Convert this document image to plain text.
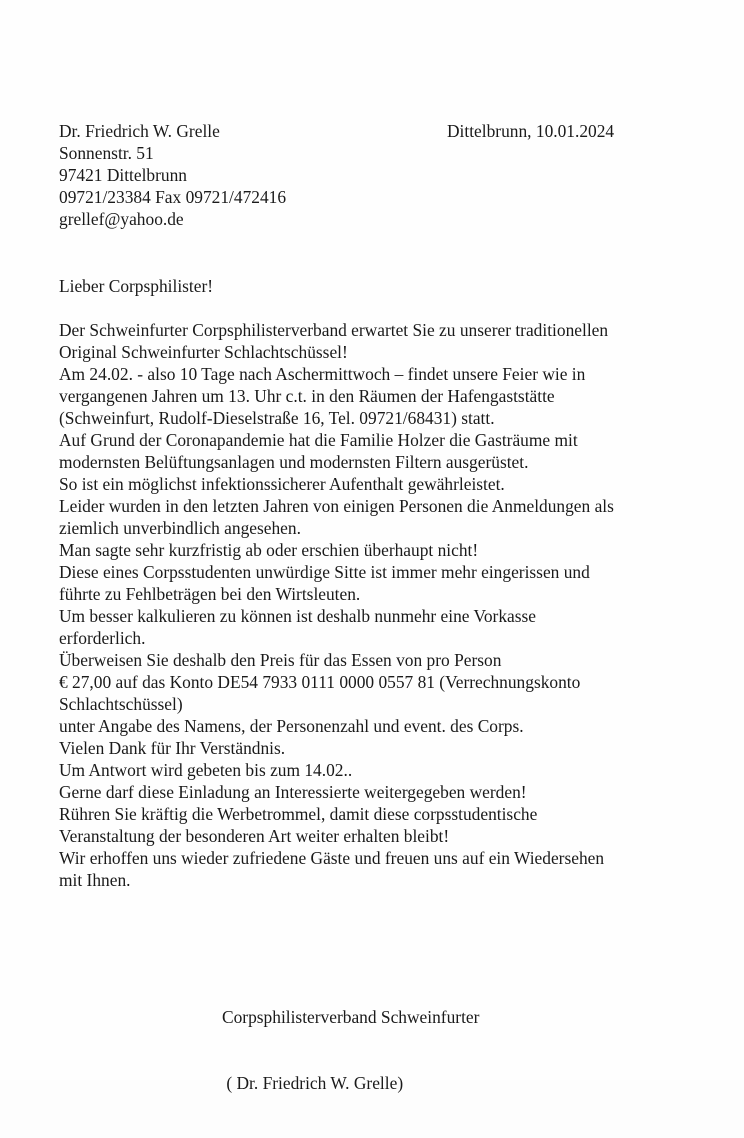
Dr. Friedrich W. Grelle
Sonnenstr. 51
97421 Dittelbrunn
09721/23384 Fax 09721/472416
grellef@yahoo.de
Dittelbrunn, 10.01.2024
Lieber Corpsphilister!
Der Schweinfurter Corpsphilisterverband erwartet Sie zu unserer traditionellen
Original Schweinfurter Schlachtschüssel!
Am 24.02. - also 10 Tage nach Aschermittwoch – findet unsere Feier wie in
vergangenen Jahren um 13. Uhr c.t. in den Räumen der Hafengaststätte
(Schweinfurt, Rudolf-Dieselstraße 16, Tel. 09721/68431) statt.
Auf Grund der Coronapandemie hat die Familie Holzer die Gasträume mit
modernsten Belüftungsanlagen und modernsten Filtern ausgerüstet.
So ist ein möglichst infektionssicherer Aufenthalt gewährleistet.
Leider wurden in den letzten Jahren von einigen Personen die Anmeldungen als
ziemlich unverbindlich angesehen.
Man sagte sehr kurzfristig ab oder erschien überhaupt nicht!
Diese eines Corpsstudenten unwürdige Sitte ist immer mehr eingerissen und
führte zu Fehlbeträgen bei den Wirtsleuten.
Um besser kalkulieren zu können ist deshalb nunmehr eine Vorkasse
erforderlich.
Überweisen Sie deshalb den Preis für das Essen von pro Person
€ 27,00 auf das Konto DE54 7933 0111 0000 0557 81 (Verrechnungskonto
Schlachtschüssel)
unter Angabe des Namens, der Personenzahl und event. des Corps.
Vielen Dank für Ihr Verständnis.
Um Antwort wird gebeten bis zum 14.02..
Gerne darf diese Einladung an Interessierte weitergegeben werden!
Rühren Sie kräftig die Werbetrommel, damit diese corpsstudentische
Veranstaltung der besonderen Art weiter erhalten bleibt!
Wir erhoffen uns wieder zufriedene Gäste und freuen uns auf ein Wiedersehen
mit Ihnen.

Corpsphilisterverband Schweinfurter

( Dr. Friedrich W. Grelle)
